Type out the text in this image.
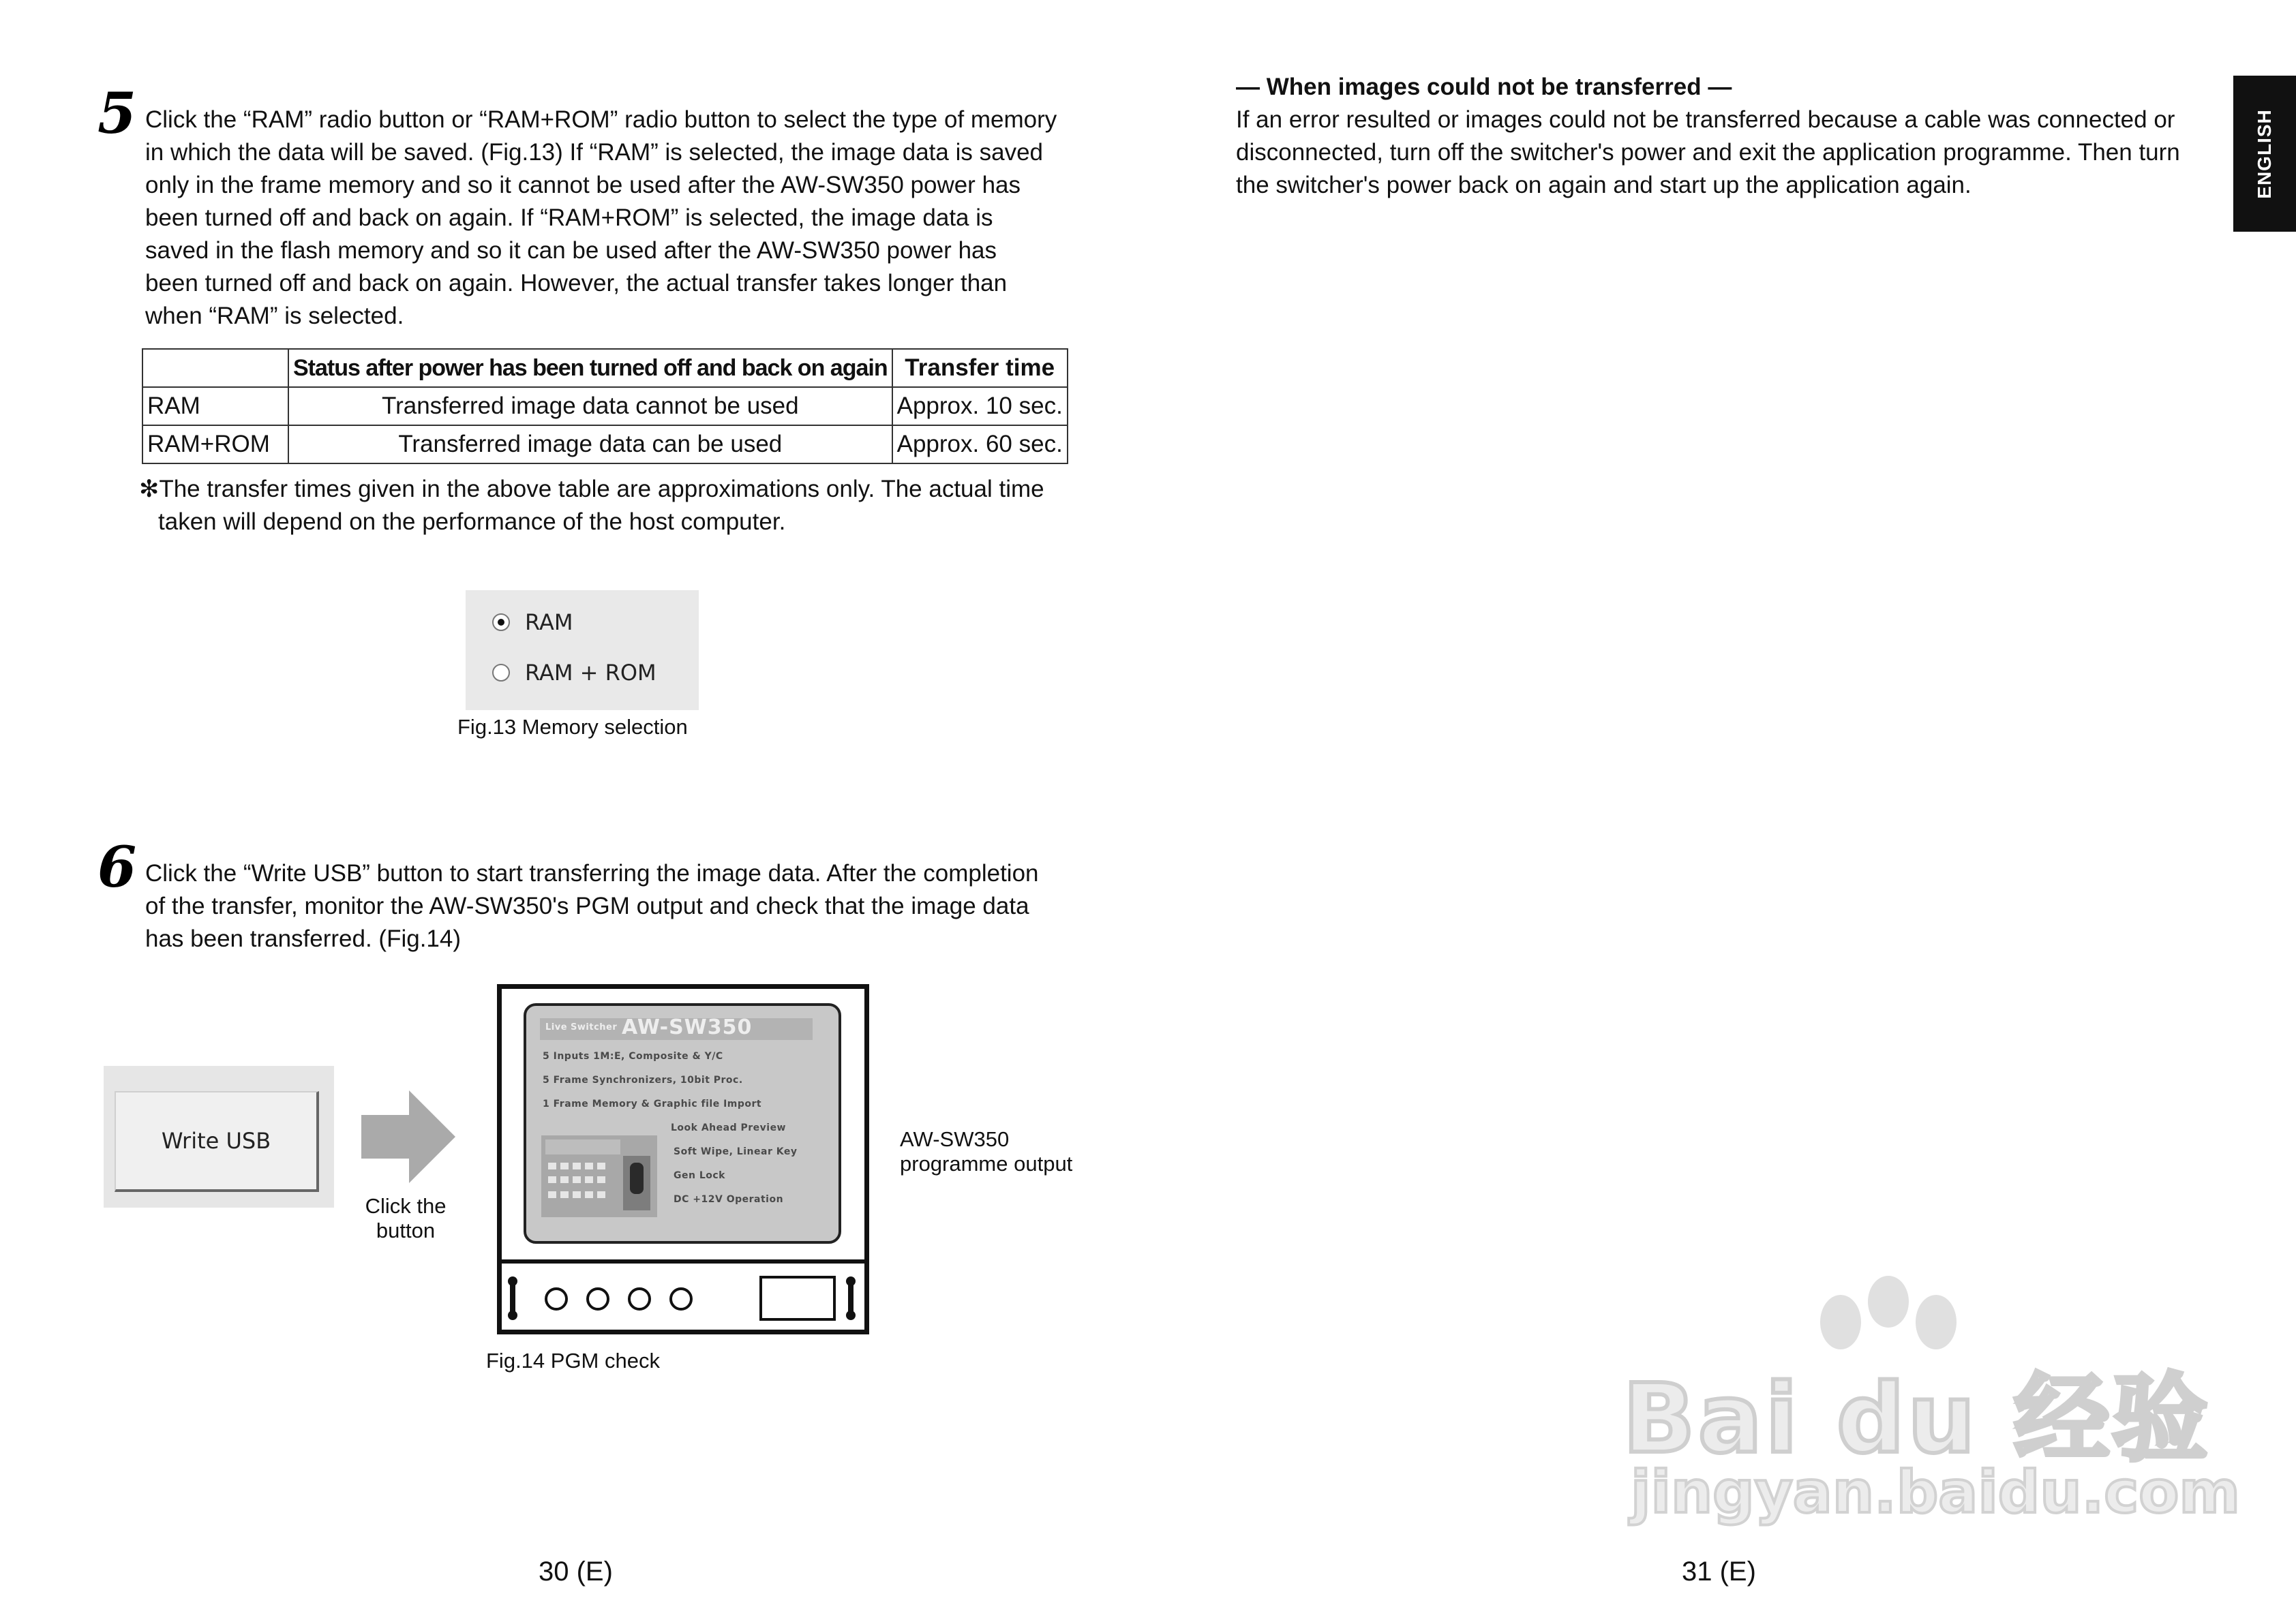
5 Click the “RAM” radio button or “RAM+ROM” radio button to select the type of memory

in which the data will be saved. (Fig.13) If “RAM” is selected, the image data is saved

only in the frame memory and so it cannot be used after the AW-SW350 power has

been turned off and back on again. If “RAM+ROM” is selected, the image data is

saved in the flash memory and so it can be used after the AW-SW350 power has

been turned off and back on again. However, the actual transfer takes longer than

when “RAM” is selected.

	Status after power has been turned off and back on again	Transfer time
RAM	Transferred image data cannot be used	Approx. 10 sec.
RAM+ROM	Transferred image data can be used	Approx. 60 sec.

✻The transfer times given in the above table are approximations only. The actual time

taken will depend on the performance of the host computer.

RAM
RAM + ROM
Fig.13 Memory selection
6 Click the “Write USB” button to start transferring the image data. After the completion

of the transfer, monitor the AW-SW350's PGM output and check that the image data

has been transferred. (Fig.14)

Write USB
Click the
button
Live Switcher AW-SW350
5 Inputs 1M:E, Composite & Y/C
5 Frame Synchronizers, 10bit Proc.
1 Frame Memory & Graphic file Import
Look Ahead Preview
Soft Wipe, Linear Key
Gen Lock
DC +12V Operation
AW-SW350
programme output
Fig.14 PGM check
30 (E)

— When images could not be transferred —

If an error resulted or images could not be transferred because a cable was connected or

disconnected, turn off the switcher's power and exit the application programme. Then turn

the switcher's power back on again and start up the application again.	ENGLISH
Bai du 经验
jingyan.baidu.com
31 (E)
